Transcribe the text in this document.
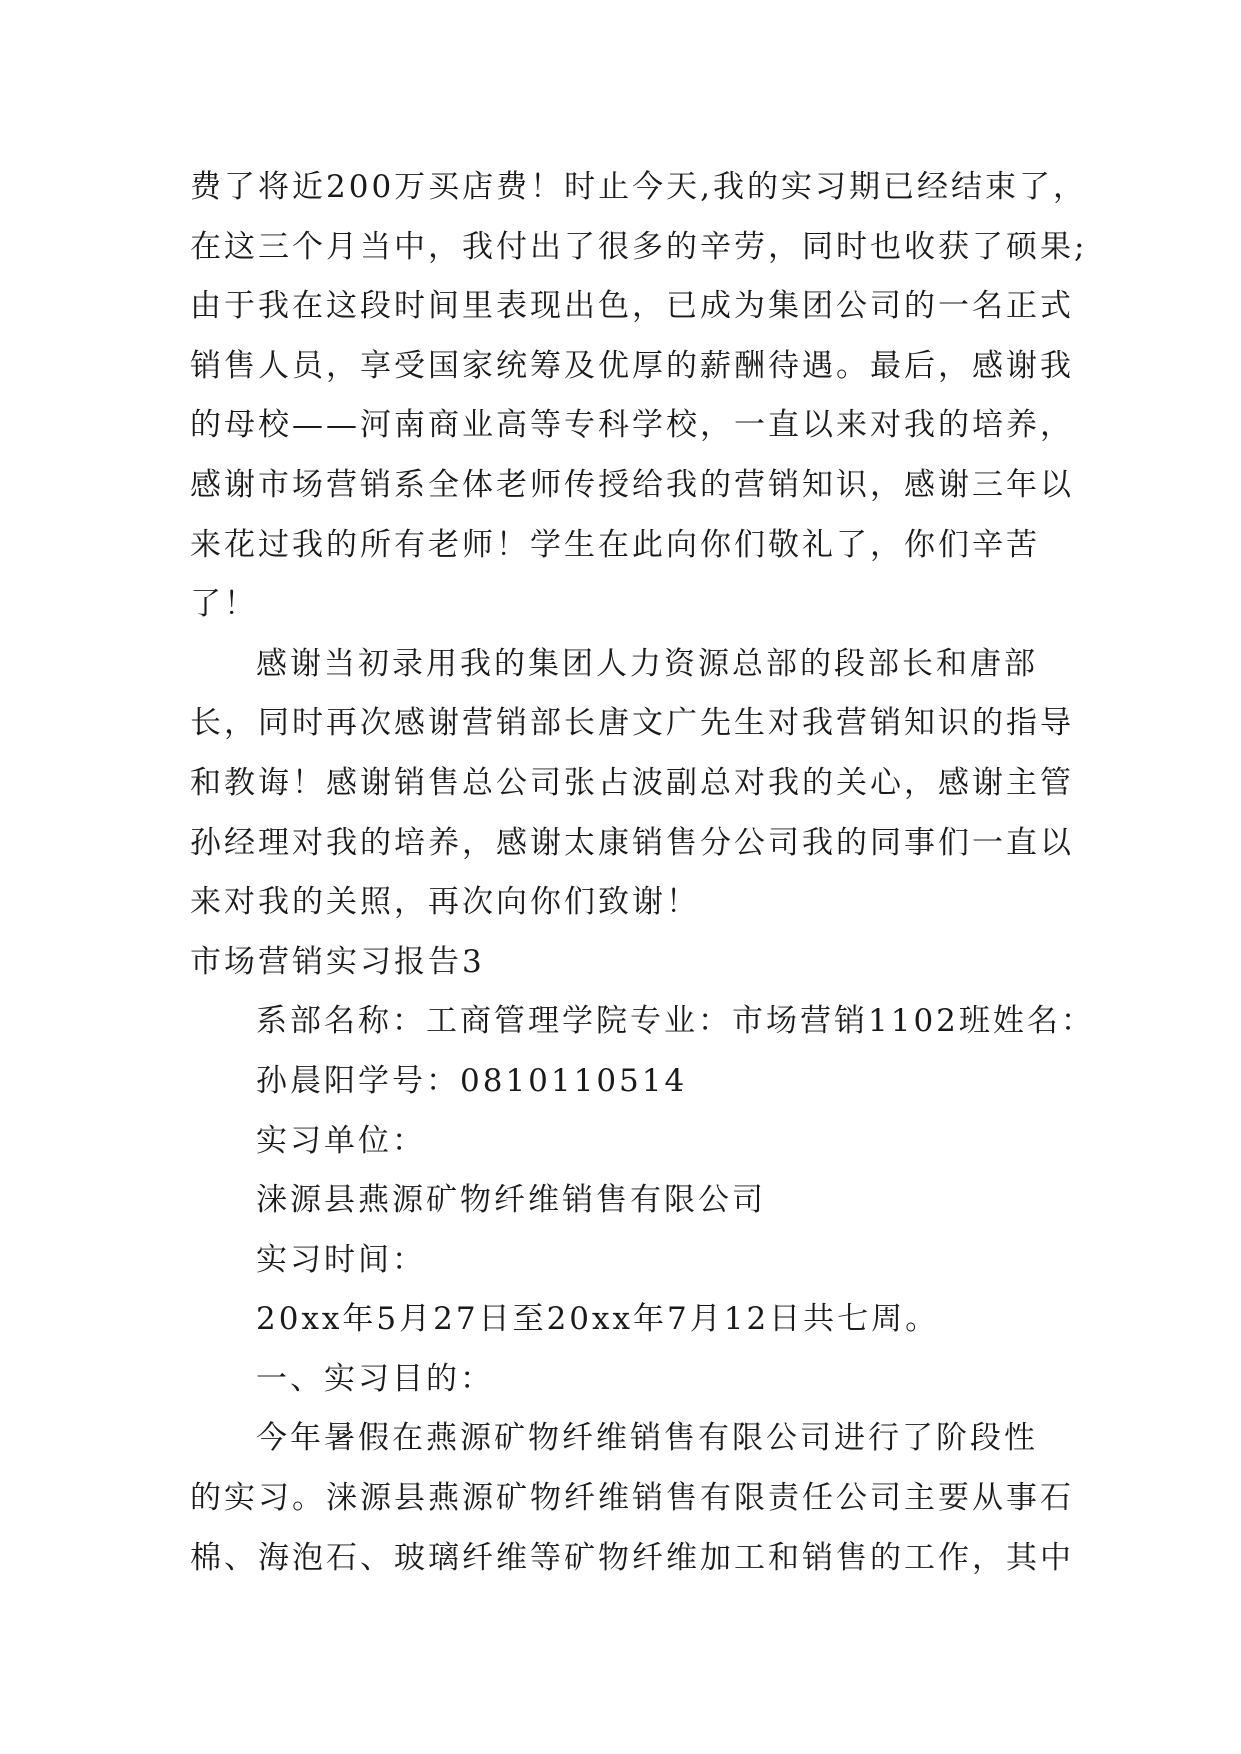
费了将近200万买店费！时止今天,我的实习期已经结束了，
在这三个月当中，我付出了很多的辛劳，同时也收获了硕果;
由于我在这段时间里表现出色，已成为集团公司的一名正式
销售人员，享受国家统筹及优厚的薪酬待遇。最后，感谢我
的母校——河南商业高等专科学校，一直以来对我的培养，
感谢市场营销系全体老师传授给我的营销知识，感谢三年以
来花过我的所有老师！学生在此向你们敬礼了，你们辛苦
了！
感谢当初录用我的集团人力资源总部的段部长和唐部
长，同时再次感谢营销部长唐文广先生对我营销知识的指导
和教诲！感谢销售总公司张占波副总对我的关心，感谢主管
孙经理对我的培养，感谢太康销售分公司我的同事们一直以
来对我的关照，再次向你们致谢！
市场营销实习报告3
系部名称：工商管理学院专业：市场营销1102班姓名：
孙晨阳学号：0810110514
实习单位：
涞源县燕源矿物纤维销售有限公司
实习时间：
20xx年5月27日至20xx年7月12日共七周。
一、实习目的：
今年暑假在燕源矿物纤维销售有限公司进行了阶段性
的实习。涞源县燕源矿物纤维销售有限责任公司主要从事石
棉、海泡石、玻璃纤维等矿物纤维加工和销售的工作，其中
